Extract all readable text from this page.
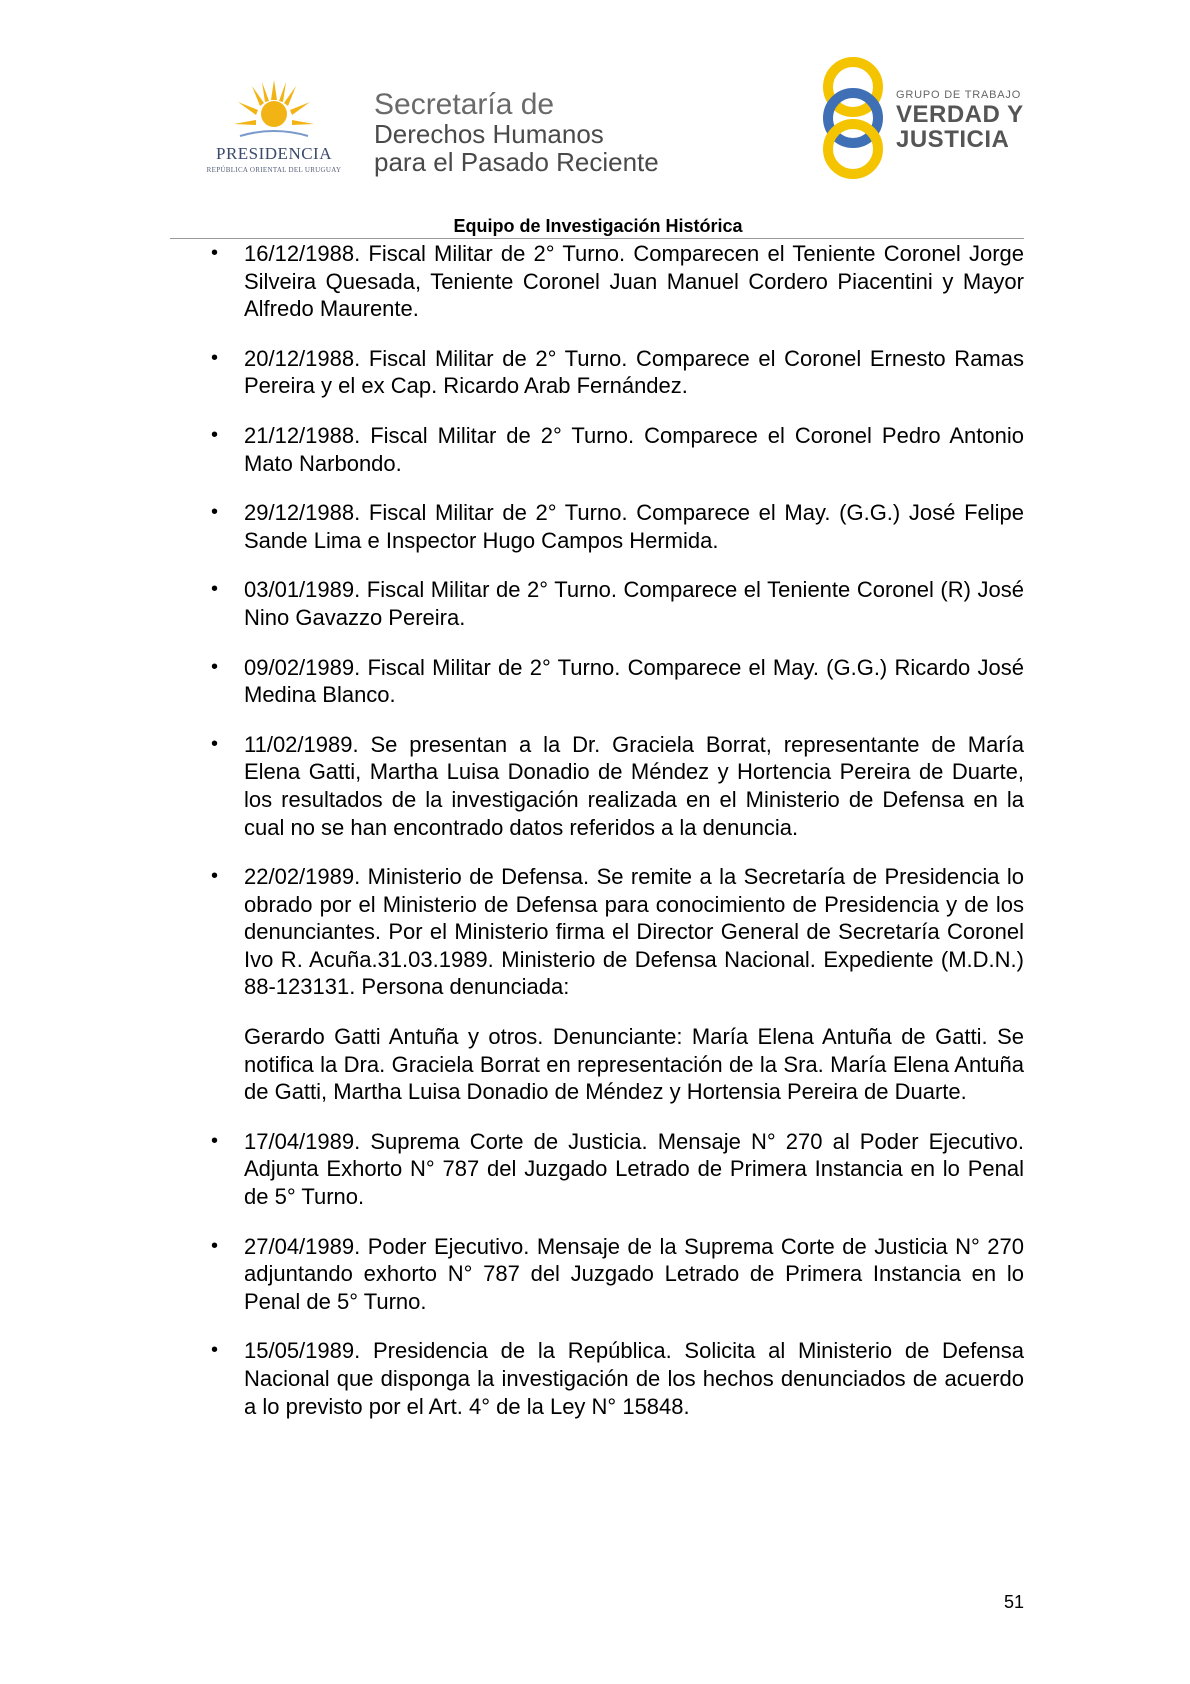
PRESIDENCIA
REPÚBLICA ORIENTAL DEL URUGUAY
Secretaría de
Derechos Humanos
para el Pasado Reciente
GRUPO DE TRABAJO
VERDAD Y
JUSTICIA
Equipo de Investigación Histórica
• 16/12/1988. Fiscal Militar de 2° Turno. Comparecen el Teniente Coronel Jorge Silveira Quesada, Teniente Coronel Juan Manuel Cordero Piacentini y Mayor Alfredo Maurente.

• 20/12/1988. Fiscal Militar de 2° Turno. Comparece el Coronel Ernesto Ramas Pereira y el ex Cap. Ricardo Arab Fernández.

• 21/12/1988. Fiscal Militar de 2° Turno. Comparece el Coronel Pedro Antonio Mato Narbondo.

• 29/12/1988. Fiscal Militar de 2° Turno. Comparece el May. (G.G.) José Felipe Sande Lima e Inspector Hugo Campos Hermida.

• 03/01/1989. Fiscal Militar de 2° Turno. Comparece el Teniente Coronel (R) José Nino Gavazzo Pereira.

• 09/02/1989. Fiscal Militar de 2° Turno. Comparece el May. (G.G.) Ricardo José Medina Blanco.

• 11/02/1989. Se presentan a la Dr. Graciela Borrat, representante de María Elena Gatti, Martha Luisa Donadio de Méndez y Hortencia Pereira de Duarte, los resultados de la investigación realizada en el Ministerio de Defensa en la cual no se han encontrado datos referidos a la denuncia.

• 22/02/1989. Ministerio de Defensa. Se remite a la Secretaría de Presidencia lo obrado por el Ministerio de Defensa para conocimiento de Presidencia y de los denunciantes. Por el Ministerio firma el Director General de Secretaría Coronel Ivo R. Acuña.31.03.1989. Ministerio de Defensa Nacional. Expediente (M.D.N.) 88-123131. Persona denunciada:

Gerardo Gatti Antuña y otros. Denunciante: María Elena Antuña de Gatti. Se notifica la Dra. Graciela Borrat en representación de la Sra. María Elena Antuña de Gatti, Martha Luisa Donadio de Méndez y Hortensia Pereira de Duarte.

• 17/04/1989. Suprema Corte de Justicia. Mensaje N° 270 al Poder Ejecutivo. Adjunta Exhorto N° 787 del Juzgado Letrado de Primera Instancia en lo Penal de 5° Turno.

• 27/04/1989. Poder Ejecutivo. Mensaje de la Suprema Corte de Justicia N° 270 adjuntando exhorto N° 787 del Juzgado Letrado de Primera Instancia en lo Penal de 5° Turno.

• 15/05/1989. Presidencia de la República. Solicita al Ministerio de Defensa Nacional que disponga la investigación de los hechos denunciados de acuerdo a lo previsto por el Art. 4° de la Ley N° 15848.

51
